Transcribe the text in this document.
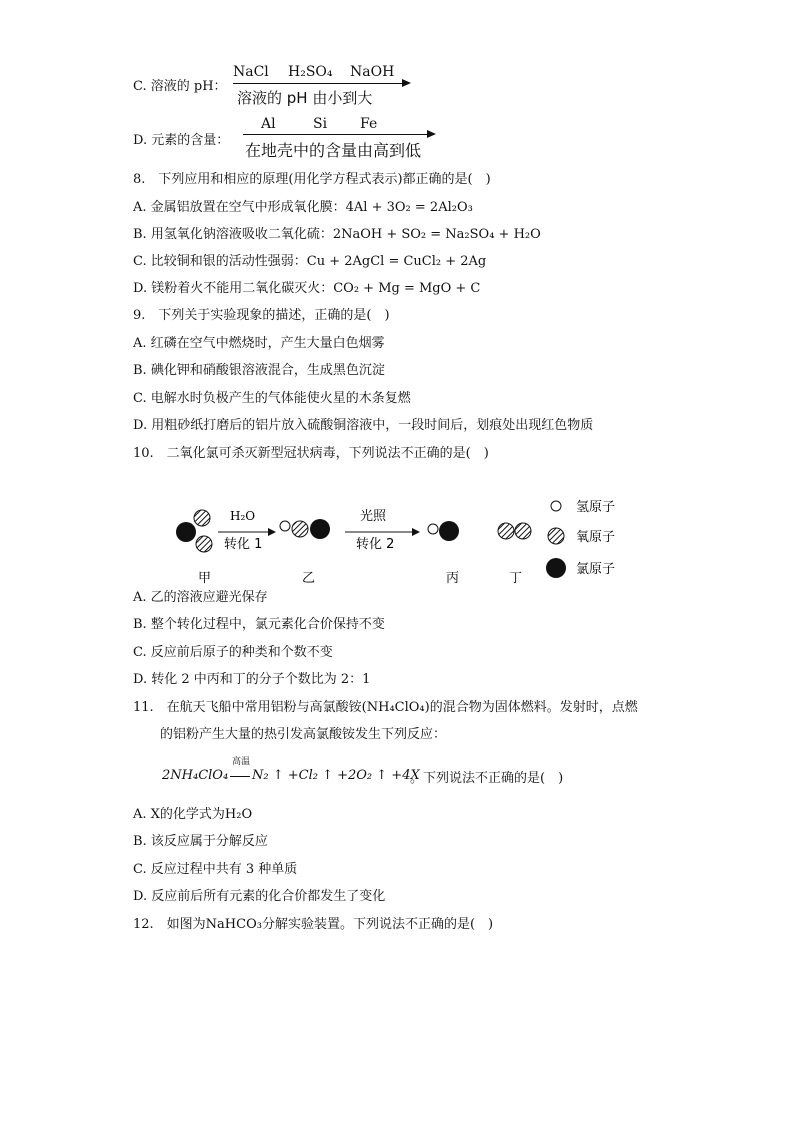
C. 溶液的 pH：
NaCl H₂SO₄ NaOH
溶液的 pH 由小到大
D. 元素的含量：
Al	Si Fe
在地壳中的含量由高到低
8.　下列应用和相应的原理(用化学方程式表示)都正确的是(　)
A. 金属铝放置在空气中形成氧化膜：4Al + 3O₂ = 2Al₂O₃
B. 用氢氧化钠溶液吸收二氧化硫：2NaOH + SO₂ = Na₂SO₄ + H₂O
C. 比较铜和银的活动性强弱：Cu + 2AgCl = CuCl₂ + 2Ag
D. 镁粉着火不能用二氧化碳灭火：CO₂ + Mg = MgO + C
9.　下列关于实验现象的描述，正确的是(　)
A. 红磷在空气中燃烧时，产生大量白色烟雾
B. 碘化钾和硝酸银溶液混合，生成黑色沉淀
C. 电解水时负极产生的气体能使火星的木条复燃
D. 用粗砂纸打磨后的铝片放入硫酸铜溶液中，一段时间后，划痕处出现红色物质
10.　二氧化氯可杀灭新型冠状病毒，下列说法不正确的是(　)
H₂O
转化 1
光照
转化 2
氢原子
氧原子
氯原子
甲	乙	丙	丁
A. 乙的溶液应避光保存
B. 整个转化过程中，氯元素化合价保持不变
C. 反应前后原子的种类和个数不变
D. 转化 2 中丙和丁的分子个数比为 2：1
11.　在航天飞船中常用铝粉与高氯酸铵(NH₄ClO₄)的混合物为固体燃料。发射时，点燃
的铝粉产生大量的热引发高氯酸铵发生下列反应：
高温
2NH₄ClO₄ N₂ ↑ +Cl₂ ↑ +2O₂ ↑ +4X
。下列说法不正确的是(　)
A. X的化学式为H₂O
B. 该反应属于分解反应
C. 反应过程中共有 3 种单质
D. 反应前后所有元素的化合价都发生了变化
12.　如图为NaHCO₃分解实验装置。下列说法不正确的是(　)
